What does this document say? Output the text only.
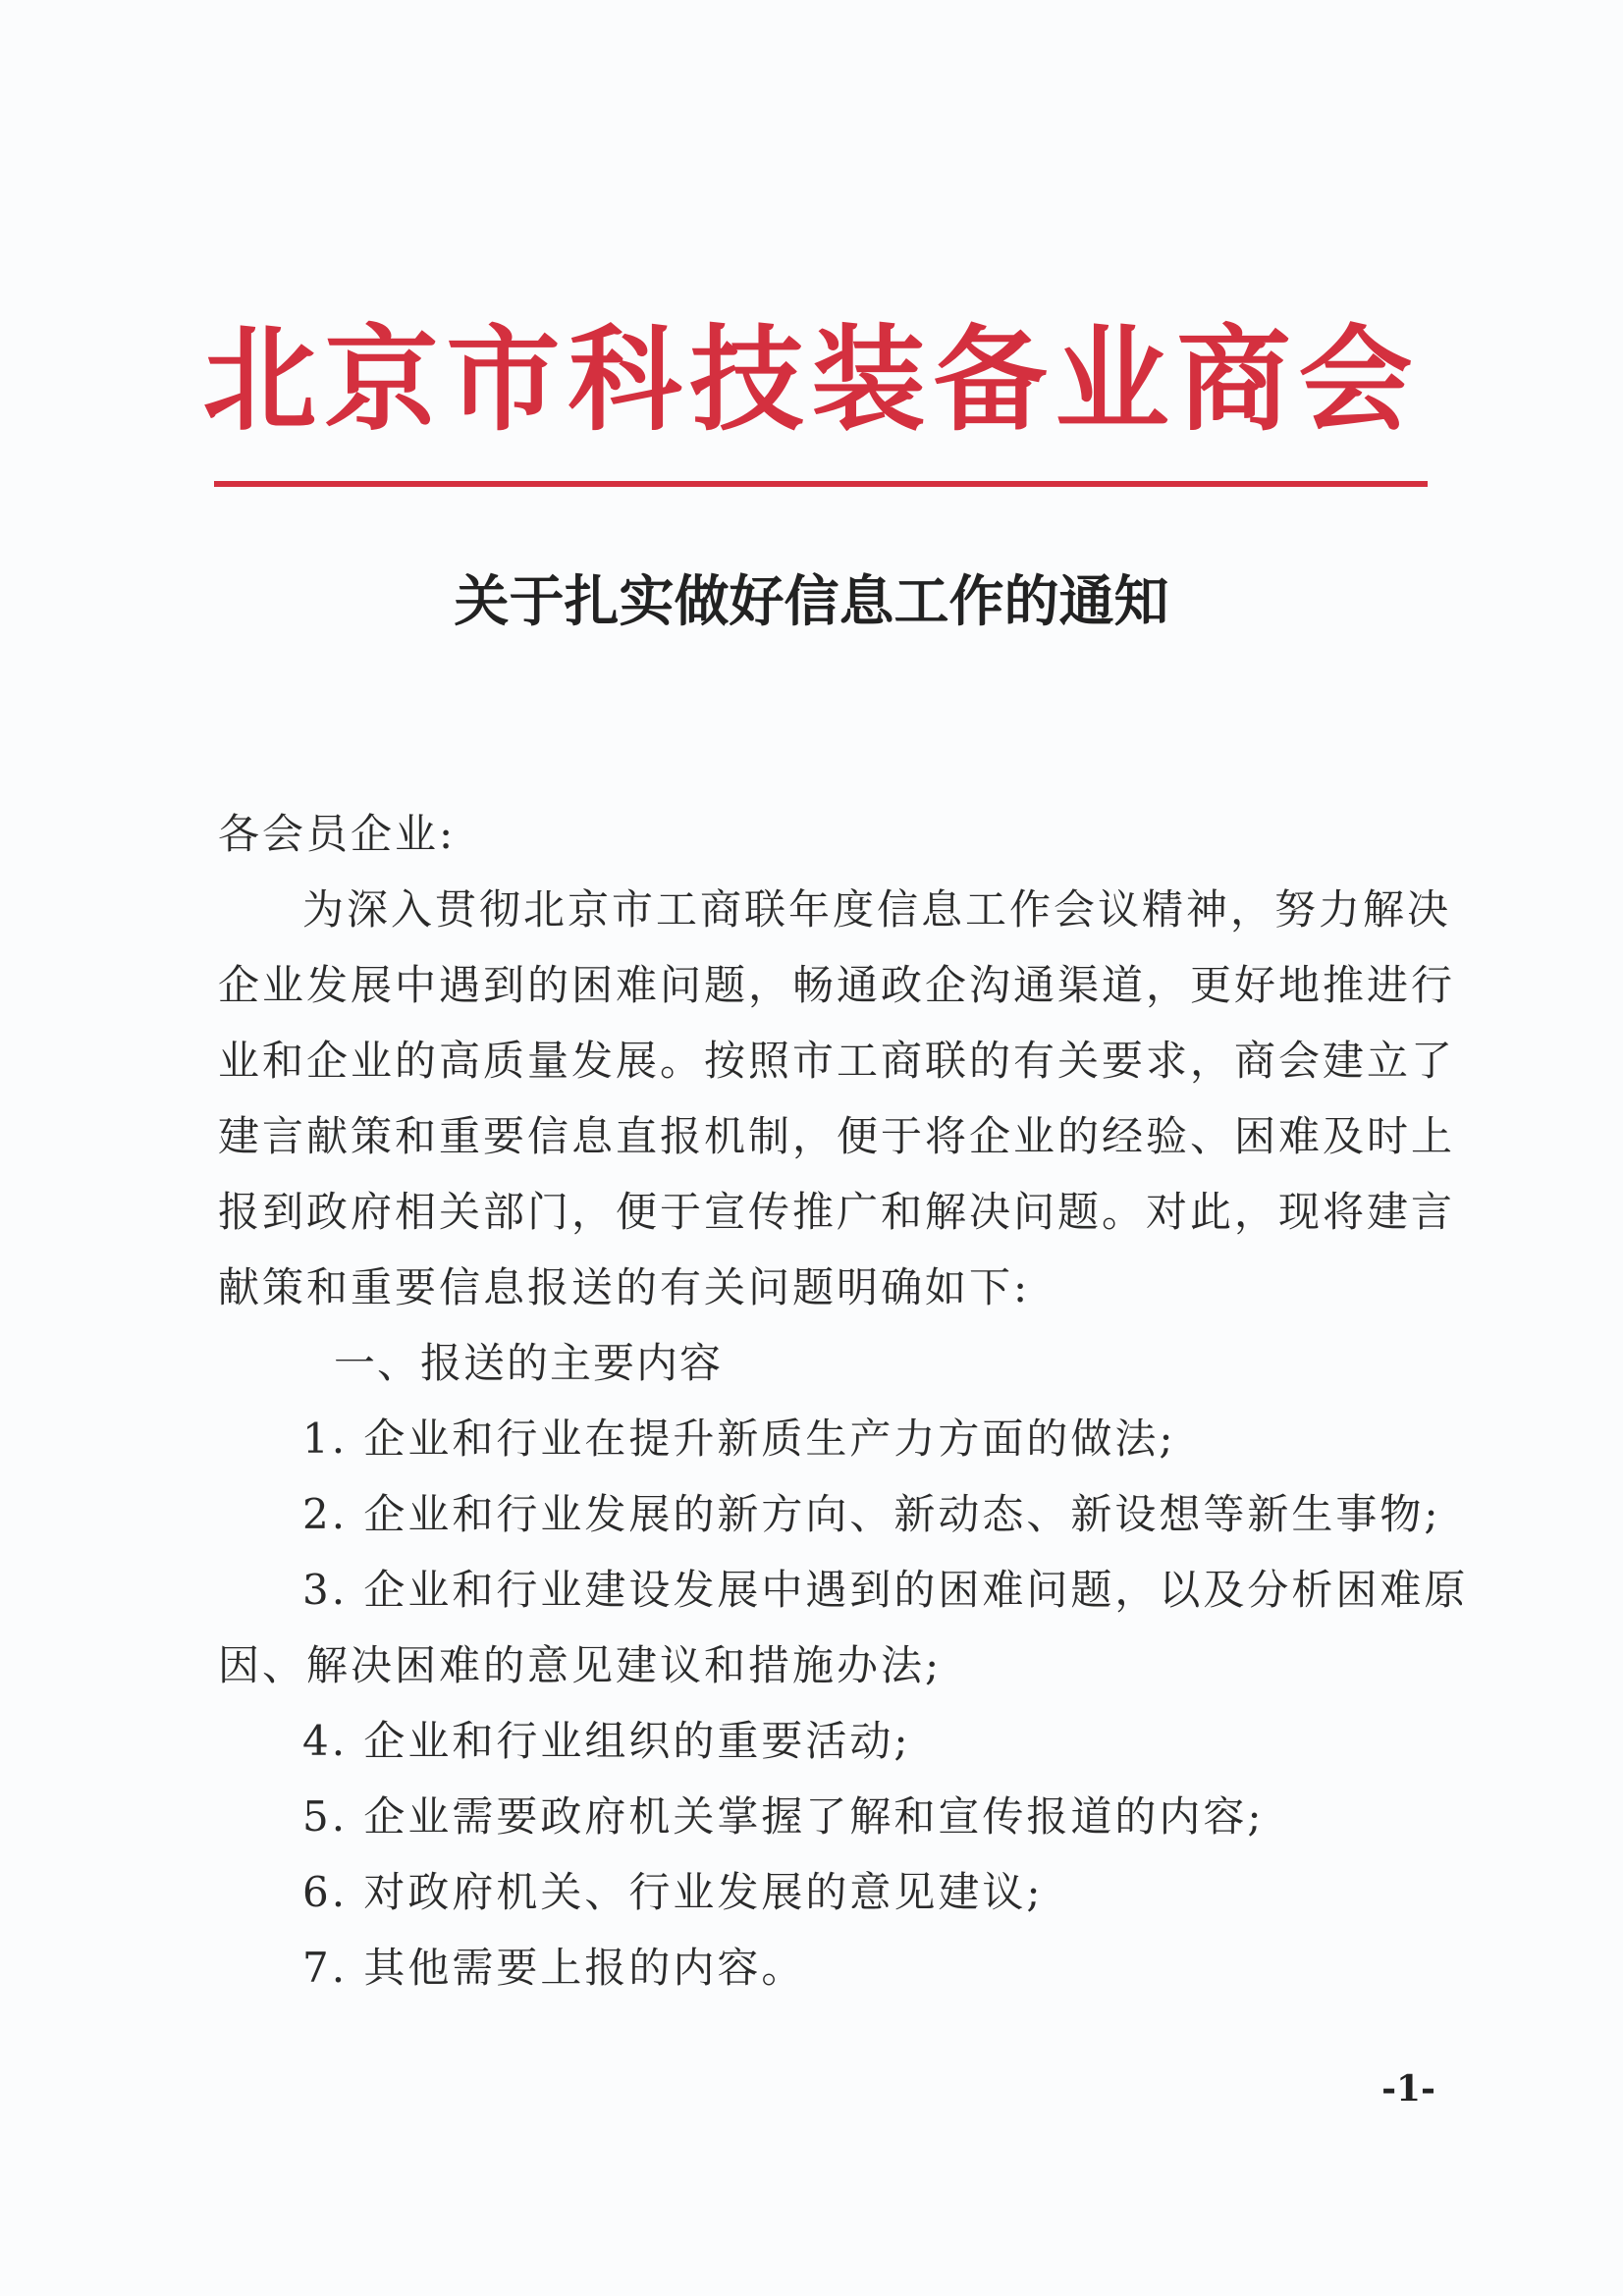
北京市科技装备业商会
关于扎实做好信息工作的通知
各会员企业:
为深入贯彻北京市工商联年度信息工作会议精神，努力解决
企业发展中遇到的困难问题，畅通政企沟通渠道，更好地推进行
业和企业的高质量发展。按照市工商联的有关要求，商会建立了
建言献策和重要信息直报机制，便于将企业的经验、困难及时上
报到政府相关部门，便于宣传推广和解决问题。对此，现将建言
献策和重要信息报送的有关问题明确如下:
一、报送的主要内容
1. 企业和行业在提升新质生产力方面的做法;
2. 企业和行业发展的新方向、新动态、新设想等新生事物;
3. 企业和行业建设发展中遇到的困难问题，以及分析困难原
因、解决困难的意见建议和措施办法;
4. 企业和行业组织的重要活动;
5. 企业需要政府机关掌握了解和宣传报道的内容;
6. 对政府机关、行业发展的意见建议;
7. 其他需要上报的内容。
-1-
